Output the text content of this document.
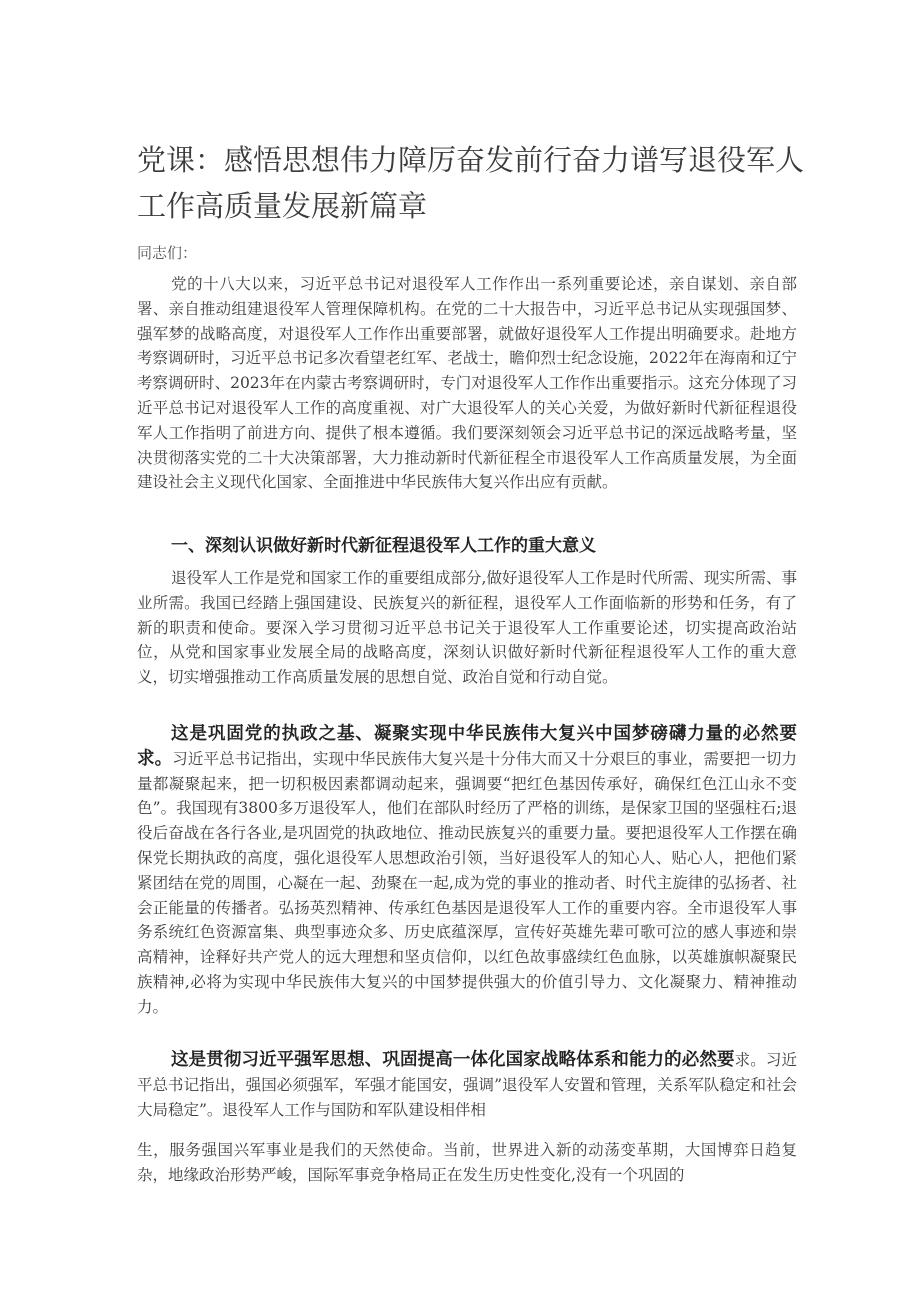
党课：感悟思想伟力障厉奋发前行奋力谱写退役军人工作高质量发展新篇章
同志们：

党的十八大以来，习近平总书记对退役军人工作作出一系列重要论述，亲自谋划、亲自部署、亲自推动组建退役军人管理保障机构。在党的二十大报告中，习近平总书记从实现强国梦、强军梦的战略高度，对退役军人工作作出重要部署，就做好退役军人工作提出明确要求。赴地方考察调研时，习近平总书记多次看望老红军、老战士，瞻仰烈士纪念设施，2022年在海南和辽宁考察调研时、2023年在内蒙古考察调研时，专门对退役军人工作作出重要指示。这充分体现了习近平总书记对退役军人工作的高度重视、对广大退役军人的关心关爱，为做好新时代新征程退役军人工作指明了前进方向、提供了根本遵循。我们要深刻领会习近平总书记的深远战略考量，坚决贯彻落实党的二十大决策部署，大力推动新时代新征程全市退役军人工作高质量发展，为全面建设社会主义现代化国家、全面推进中华民族伟大复兴作出应有贡献。

一、深刻认识做好新时代新征程退役军人工作的重大意义

退役军人工作是党和国家工作的重要组成部分,做好退役军人工作是时代所需、现实所需、事业所需。我国已经踏上强国建设、民族复兴的新征程，退役军人工作面临新的形势和任务，有了新的职责和使命。要深入学习贯彻习近平总书记关于退役军人工作重要论述，切实提高政治站位，从党和国家事业发展全局的战略高度，深刻认识做好新时代新征程退役军人工作的重大意义，切实增强推动工作高质量发展的思想自觉、政治自觉和行动自觉。

这是巩固党的执政之基、凝聚实现中华民族伟大复兴中国梦磅礴力量的必然要求。习近平总书记指出，实现中华民族伟大复兴是十分伟大而又十分艰巨的事业，需要把一切力量都凝聚起来，把一切积极因素都调动起来，强调要“把红色基因传承好，确保红色江山永不变色”。我国现有3800多万退役军人，他们在部队时经历了严格的训练，是保家卫国的坚强柱石;退役后奋战在各行各业,是巩固党的执政地位、推动民族复兴的重要力量。要把退役军人工作摆在确保党长期执政的高度，强化退役军人思想政治引领，当好退役军人的知心人、贴心人，把他们紧紧团结在党的周围，心凝在一起、劲聚在一起,成为党的事业的推动者、时代主旋律的弘扬者、社会正能量的传播者。弘扬英烈精神、传承红色基因是退役军人工作的重要内容。全市退役军人事务系统红色资源富集、典型事迹众多、历史底蕴深厚，宣传好英雄先辈可歌可泣的感人事迹和崇高精神，诠释好共产党人的远大理想和坚贞信仰，以红色故事盛续红色血脉，以英雄旗帜凝聚民族精神,必将为实现中华民族伟大复兴的中国梦提供强大的价值引导力、文化凝聚力、精神推动力。

这是贯彻习近平强军思想、巩固提高一体化国家战略体系和能力的必然要求。习近平总书记指出，强国必须强军，军强才能国安，强调”退役军人安置和管理，关系军队稳定和社会大局稳定”。退役军人工作与国防和军队建设相伴相

生，服务强国兴军事业是我们的天然使命。当前，世界进入新的动荡变革期，大国博弈日趋复杂，地缘政治形势严峻，国际军事竞争格局正在发生历史性变化,没有一个巩固的
